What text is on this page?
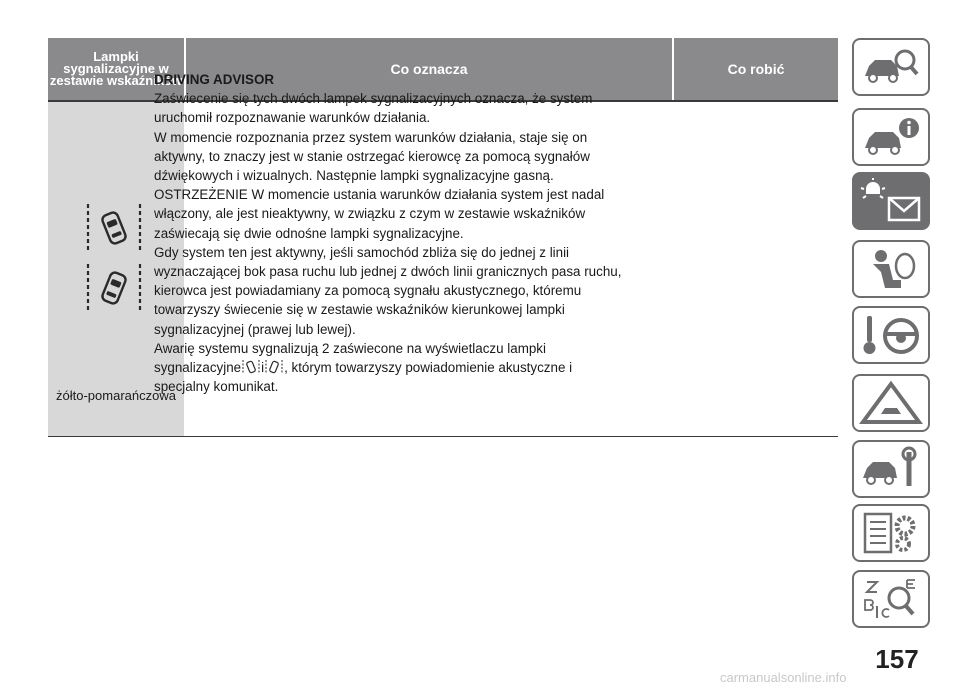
Lampki sygnalizacyjne w zestawie wskaźników
Co oznacza	Co robić
żółto-pomarańczowa

DRIVING ADVISOR

Zaświecenie się tych dwóch lampek sygnalizacyjnych oznacza, że system uruchomił rozpoznawanie warunków działania.

W momencie rozpoznania przez system warunków działania, staje się on aktywny, to znaczy jest w stanie ostrzegać kierowcę za pomocą sygnałów dźwiękowych i wizualnych. Następnie lampki sygnalizacyjne gasną.

OSTRZEŻENIE W momencie ustania warunków działania system jest nadal włączony, ale jest nieaktywny, w związku z czym w zestawie wskaźników zaświecają się dwie odnośne lampki sygnalizacyjne.

Gdy system ten jest aktywny, jeśli samochód zbliża się do jednej z linii wyznaczającej bok pasa ruchu lub jednej z dwóch linii granicznych pasa ruchu, kierowca jest powiadamiany za pomocą sygnału akustycznego, któremu towarzyszy świecenie się w zestawie wskaźników kierunkowej lampki sygnalizacyjnej (prawej lub lewej).

Awarię systemu sygnalizują 2 zaświecone na wyświetlaczu lampki sygnalizacyjne i , którym towarzyszy powiadomienie akustyczne i specjalny komunikat.

157
carmanualsonline.info
